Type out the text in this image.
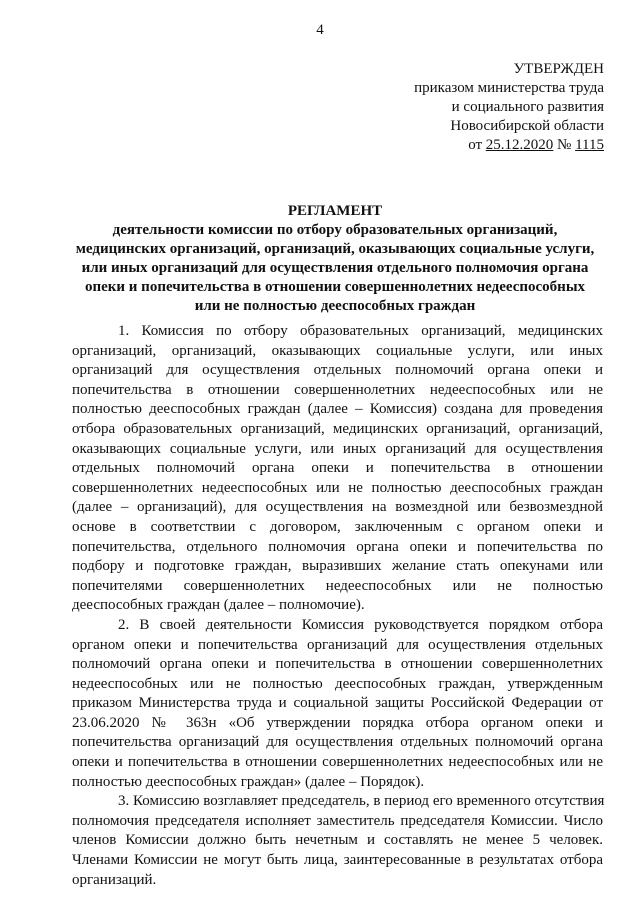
4
УТВЕРЖДЕН
приказом министерства труда
и социального развития
Новосибирской области
от 25.12.2020 № 1115
РЕГЛАМЕНТ
деятельности комиссии по отбору образовательных организаций,
медицинских организаций, организаций, оказывающих социальные услуги,
или иных организаций для осуществления отдельного полномочия органа
опеки и попечительства в отношении совершеннолетних недееспособных
или не полностью дееспособных граждан
1. Комиссия по отбору образовательных организаций, медицинских
организаций, организаций, оказывающих социальные услуги, или иных
организаций для осуществления отдельных полномочий органа опеки и
попечительства в отношении совершеннолетних недееспособных или не
полностью дееспособных граждан (далее – Комиссия) создана для проведения
отбора образовательных организаций, медицинских организаций, организаций,
оказывающих социальные услуги, или иных организаций для осуществления
отдельных полномочий органа опеки и попечительства в отношении
совершеннолетних недееспособных или не полностью дееспособных граждан
(далее – организаций), для осуществления на возмездной или безвозмездной
основе в соответствии с договором, заключенным с органом опеки и
попечительства, отдельного полномочия органа опеки и попечительства по
подбору и подготовке граждан, выразивших желание стать опекунами или
попечителями совершеннолетних недееспособных или не полностью
дееспособных граждан (далее – полномочие).
2. В своей деятельности Комиссия руководствуется порядком отбора
органом опеки и попечительства организаций для осуществления отдельных
полномочий органа опеки и попечительства в отношении совершеннолетних
недееспособных или не полностью дееспособных граждан, утвержденным
приказом Министерства труда и социальной защиты Российской Федерации от
23.06.2020 № 363н «Об утверждении порядка отбора органом опеки и
попечительства организаций для осуществления отдельных полномочий органа
опеки и попечительства в отношении совершеннолетних недееспособных или не
полностью дееспособных граждан» (далее – Порядок).
3. Комиссию возглавляет председатель, в период его временного отсутствия
полномочия председателя исполняет заместитель председателя Комиссии. Число
членов Комиссии должно быть нечетным и составлять не менее 5 человек.
Членами Комиссии не могут быть лица, заинтересованные в результатах отбора
организаций.
